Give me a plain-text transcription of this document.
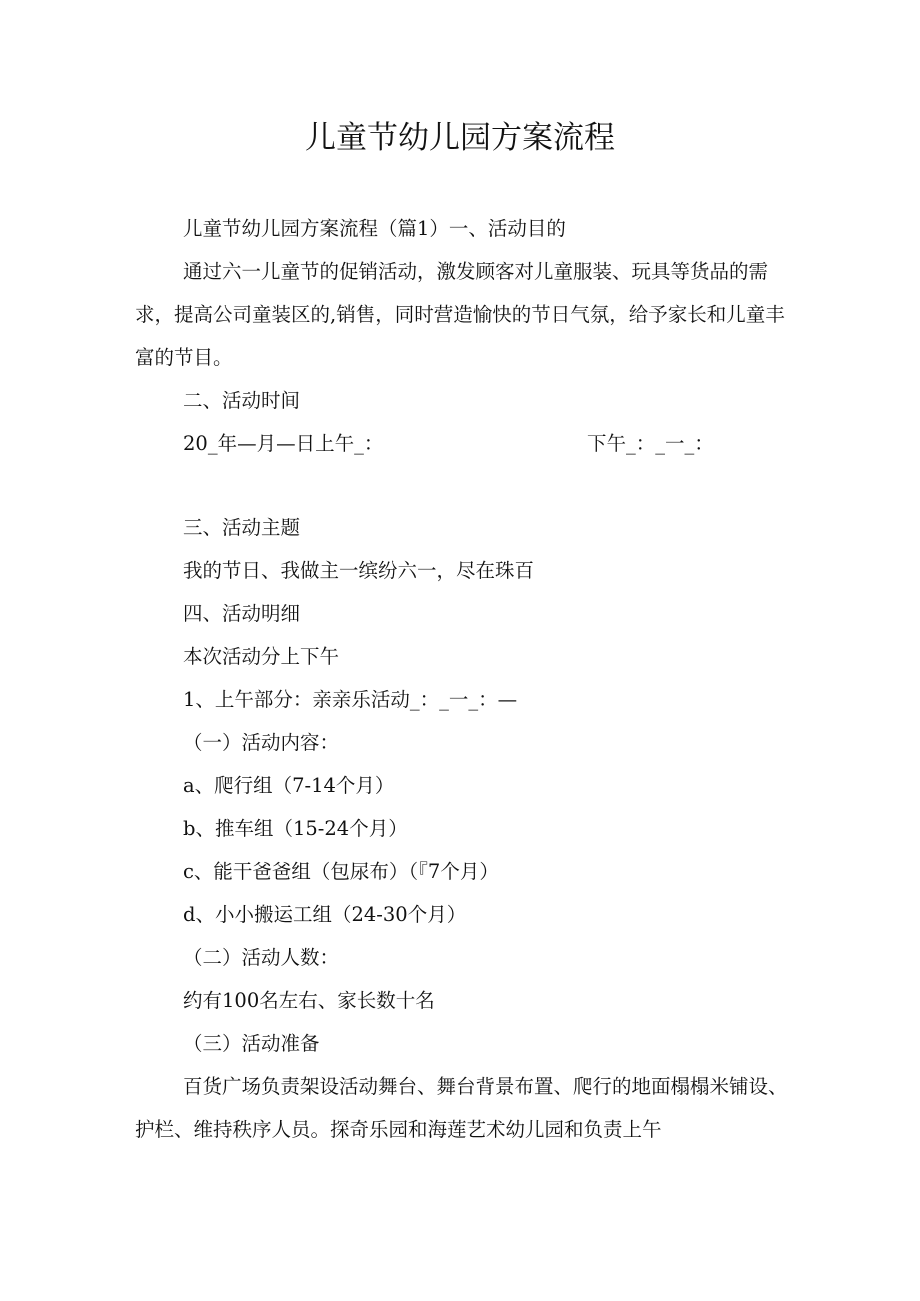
儿童节幼儿园方案流程

儿童节幼儿园方案流程（篇1）一、活动目的

通过六一儿童节的促销活动，激发顾客对儿童服装、玩具等货品的需求，提高公司童装区的,销售，同时营造愉快的节日气氛，给予家长和儿童丰富的节目。

二、活动时间

20_年—月—日上午_：	下午_：_一_：

三、活动主题

我的节日、我做主一缤纷六一，尽在珠百

四、活动明细

本次活动分上下午

1、上午部分：亲亲乐活动_：_一_：—

（一）活动内容：

a、爬行组（7-14个月）

b、推车组（15-24个月）

c、能干爸爸组（包尿布）（『7个月）

d、小小搬运工组（24-30个月）

（二）活动人数：

约有100名左右、家长数十名

（三）活动准备

百货广场负责架设活动舞台、舞台背景布置、爬行的地面榻榻米铺设、护栏、维持秩序人员。探奇乐园和海莲艺术幼儿园和负责上午
